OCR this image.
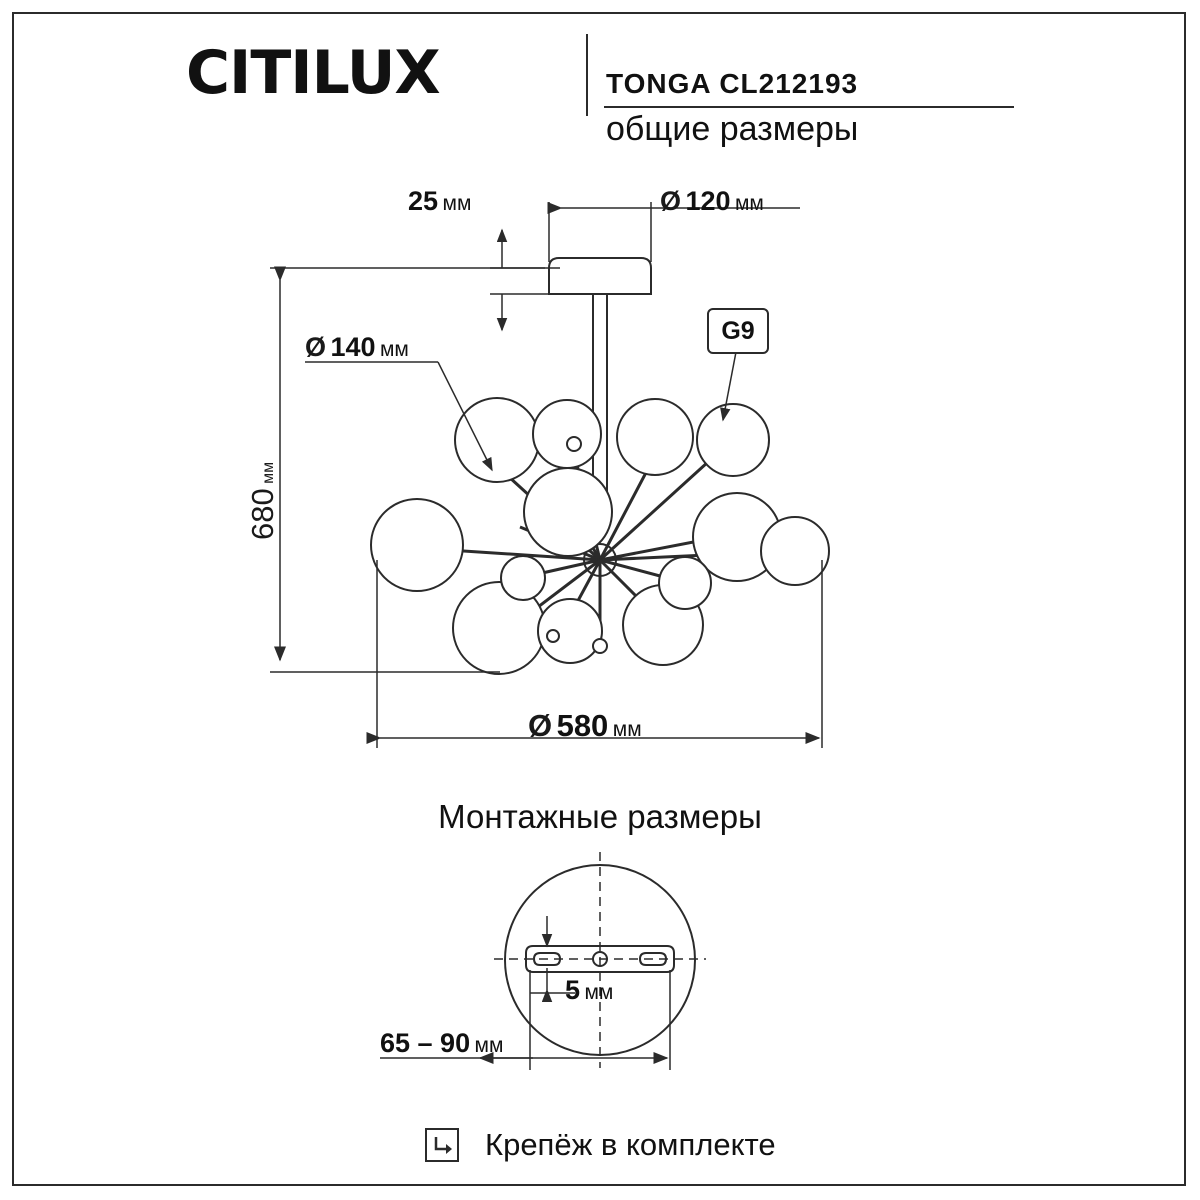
CITILUX	TONGA CL212193
общие размеры
25 мм	Ø 120 мм
Ø 140 мм
680 мм
Ø 580 мм
G9
Монтажные размеры
5 мм
65 – 90 мм
Крепёж в комплекте
